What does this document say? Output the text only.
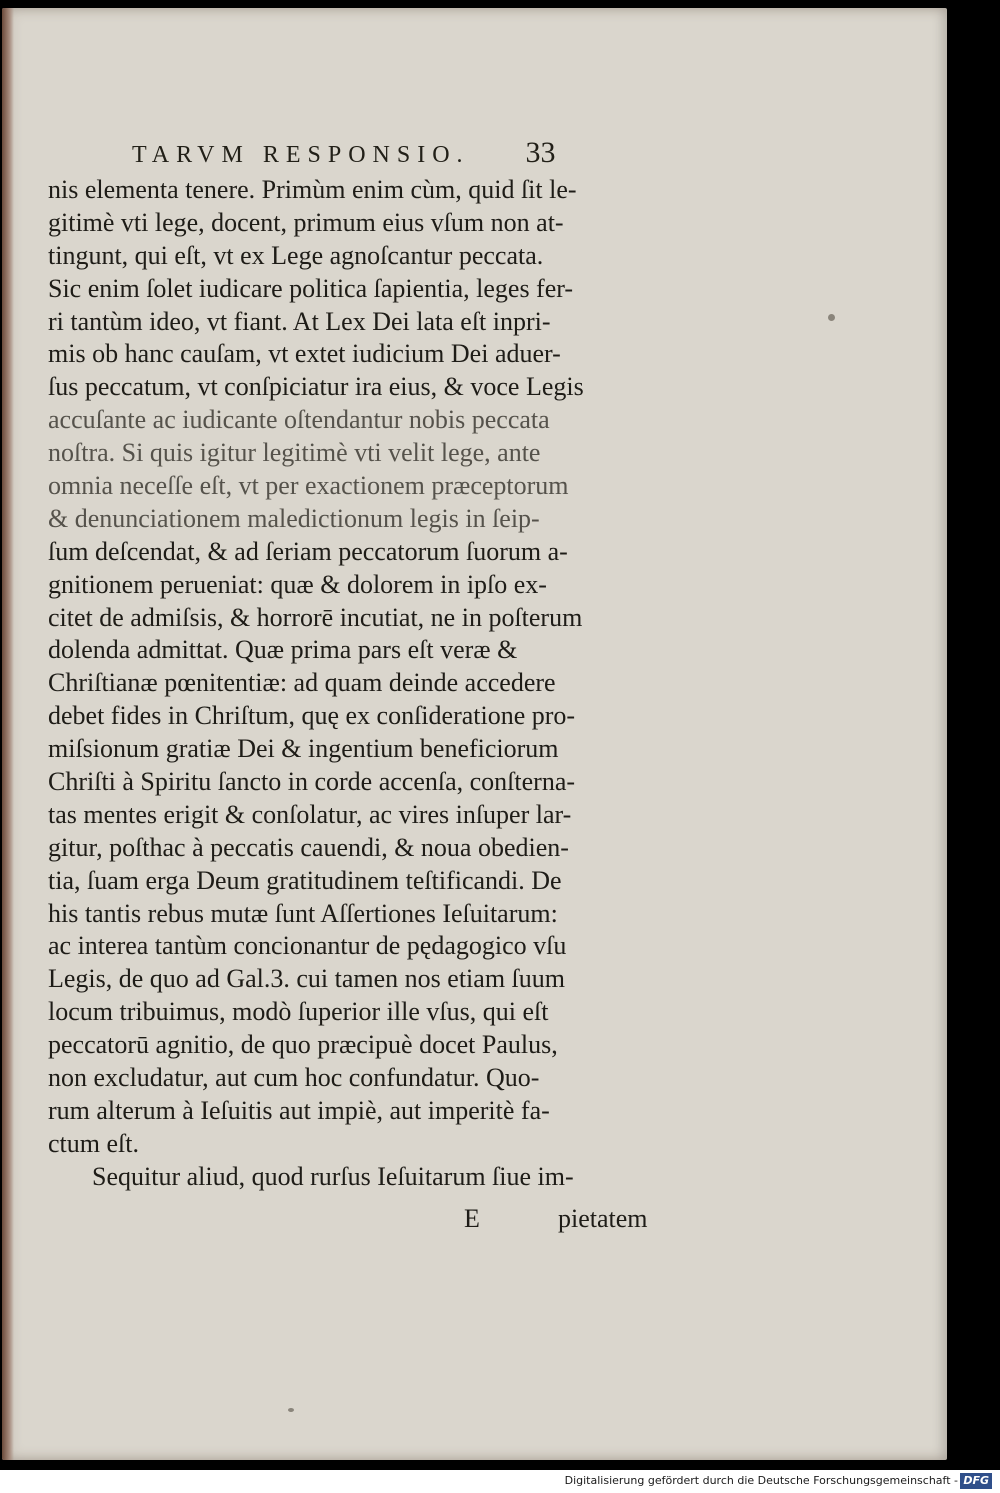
TARVM RESPONSIO. 33
nis elementa tenere. Primùm enim cùm, quid ſit le-
gitimè vti lege, docent, primum eius vſum non at-
tingunt, qui eſt, vt ex Lege agnoſcantur peccata.
Sic enim ſolet iudicare politica ſapientia, leges fer-
ri tantùm ideo, vt fiant. At Lex Dei lata eſt inpri-
mis ob hanc cauſam, vt extet iudicium Dei aduer-
ſus peccatum, vt conſpiciatur ira eius, & voce Legis
accuſante ac iudicante oſtendantur nobis peccata
noſtra. Si quis igitur legitimè vti velit lege, ante
omnia neceſſe eſt, vt per exactionem præceptorum
& denunciationem maledictionum legis in ſeip-
ſum deſcendat, & ad ſeriam peccatorum ſuorum a-
gnitionem perueniat: quæ & dolorem in ipſo ex-
citet de admiſsis, & horrorē incutiat, ne in poſterum
dolenda admittat. Quæ prima pars eſt veræ &
Chriſtianæ pœnitentiæ: ad quam deinde accedere
debet fides in Chriſtum, quę ex conſideratione pro-
miſsionum gratiæ Dei & ingentium beneficiorum
Chriſti à Spiritu ſancto in corde accenſa, conſterna-
tas mentes erigit & conſolatur, ac vires inſuper lar-
gitur, poſthac à peccatis cauendi, & noua obedien-
tia, ſuam erga Deum gratitudinem teſtificandi. De
his tantis rebus mutæ ſunt Aſſertiones Ieſuitarum:
ac interea tantùm concionantur de pędagogico vſu
Legis, de quo ad Gal.3. cui tamen nos etiam ſuum
locum tribuimus, modò ſuperior ille vſus, qui eſt
peccatorū agnitio, de quo præcipuè docet Paulus,
non excludatur, aut cum hoc confundatur. Quo-
rum alterum à Ieſuitis aut impiè, aut imperitè fa-
ctum eſt.
Sequitur aliud, quod rurſus Ieſuitarum ſiue im-
E	pietatem
Digitalisierung gefördert durch die Deutsche Forschungsgemeinschaft - DFG
